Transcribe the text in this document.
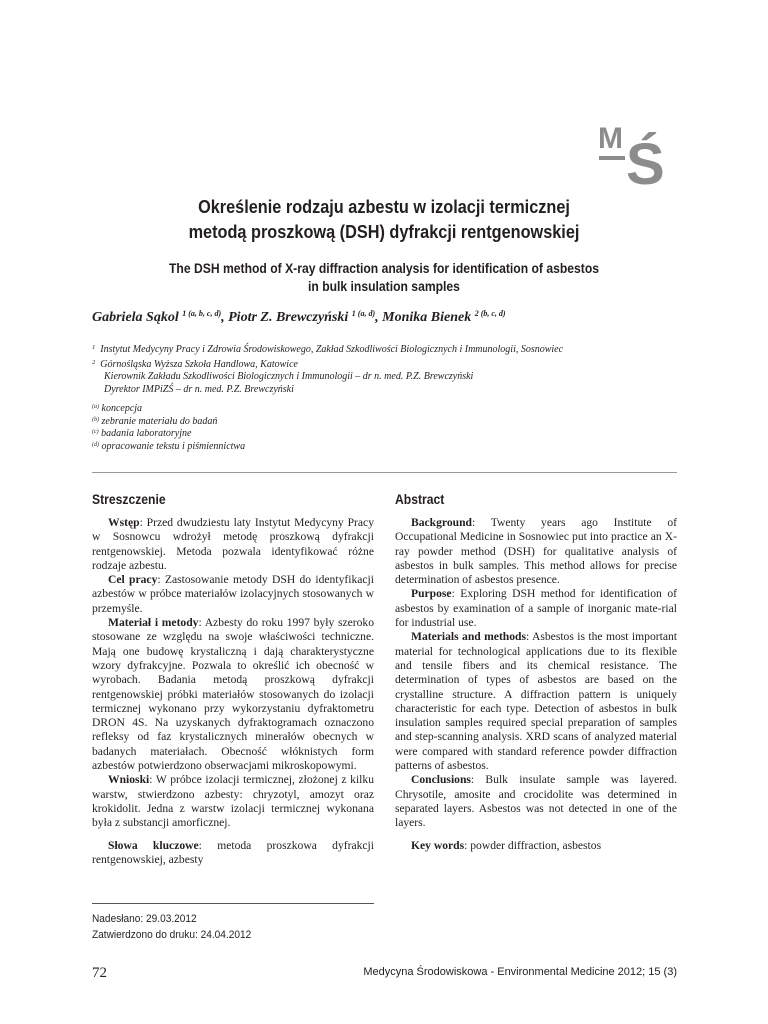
M Ś
Określenie rodzaju azbestu w izolacji termicznej
metodą proszkową (DSH) dyfrakcji rentgenowskiej
The DSH method of X-ray diffraction analysis for identification of asbestos
in bulk insulation samples
Gabriela Sąkol $^{1 (a, b, c, d)}$, Piotr Z. Brewczyński $^{1 (a, d)}$, Monika Bienek $^{2 (b, c, d)}$
$^1$ Instytut Medycyny Pracy i Zdrowia Środowiskowego, Zakład Szkodliwości Biologicznych i Immunologii, Sosnowiec
$^2$ Górnośląska Wyższa Szkoła Handlowa, Katowice
Kierownik Zakładu Szkodliwości Biologicznych i Immunologii – dr n. med. P.Z. Brewczyński
Dyrektor IMPiZŚ – dr n. med. P.Z. Brewczyński
$^{(a)}$ koncepcja
$^{(b)}$ zebranie materiału do badań
$^{(c)}$ badania laboratoryjne
$^{(d)}$ opracowanie tekstu i piśmiennictwa
Streszczenie

Wstęp: Przed dwudziestu laty Instytut Medycyny Pracy w Sosnowcu wdrożył metodę proszkową dyfrakcji rentgenowskiej. Metoda pozwala identyfikować różne rodzaje azbestu.

Cel pracy: Zastosowanie metody DSH do identyfikacji azbestów w próbce materiałów izolacyjnych stosowanych w przemyśle.

Materiał i metody: Azbesty do roku 1997 były szeroko stosowane ze względu na swoje właściwości techniczne. Mają one budowę krystaliczną i dają charakterystyczne wzory dyfrakcyjne. Pozwala to określić ich obecność w wyrobach. Badania metodą proszkową dyfrakcji rentgenowskiej próbki materiałów stosowanych do izolacji termicznej wykonano przy wykorzystaniu dyfraktometru DRON 4S. Na uzyskanych dyfraktogramach oznaczono refleksy od faz krystalicznych minerałów obecnych w badanych materiałach. Obecność włóknistych form azbestów potwierdzono obserwacjami mikroskopowymi.

Wnioski: W próbce izolacji termicznej, złożonej z kilku warstw, stwierdzono azbesty: chryzotyl, amozyt oraz krokidolit. Jedna z warstw izolacji termicznej wykonana była z substancji amorficznej.

Słowa kluczowe: metoda proszkowa dyfrakcji rentgenowskiej, azbesty

Abstract

Background: Twenty years ago Institute of Occupational Medicine in Sosnowiec put into practice an X-ray powder method (DSH) for qualitative analysis of asbestos in bulk samples. This method allows for precise determination of asbestos presence.

Purpose: Exploring DSH method for identification of asbestos by examination of a sample of inorganic mate-rial for industrial use.

Materials and methods: Asbestos is the most important material for technological applications due to its flexible and tensile fibers and its chemical resistance. The determination of types of asbestos are based on the crystalline structure. A diffraction pattern is uniquely characteristic for each type. Detection of asbestos in bulk insulation samples required special preparation of samples and step-scanning analysis. XRD scans of analyzed material were compared with standard reference powder diffraction patterns of asbestos.

Conclusions: Bulk insulate sample was layered. Chrysotile, amosite and crocidolite was determined in separated layers. Asbestos was not detected in one of the layers.

Key words: powder diffraction, asbestos

Nadesłano: 29.03.2012
Zatwierdzono do druku: 24.04.2012
72	Medycyna Środowiskowa - Environmental Medicine 2012; 15 (3)
